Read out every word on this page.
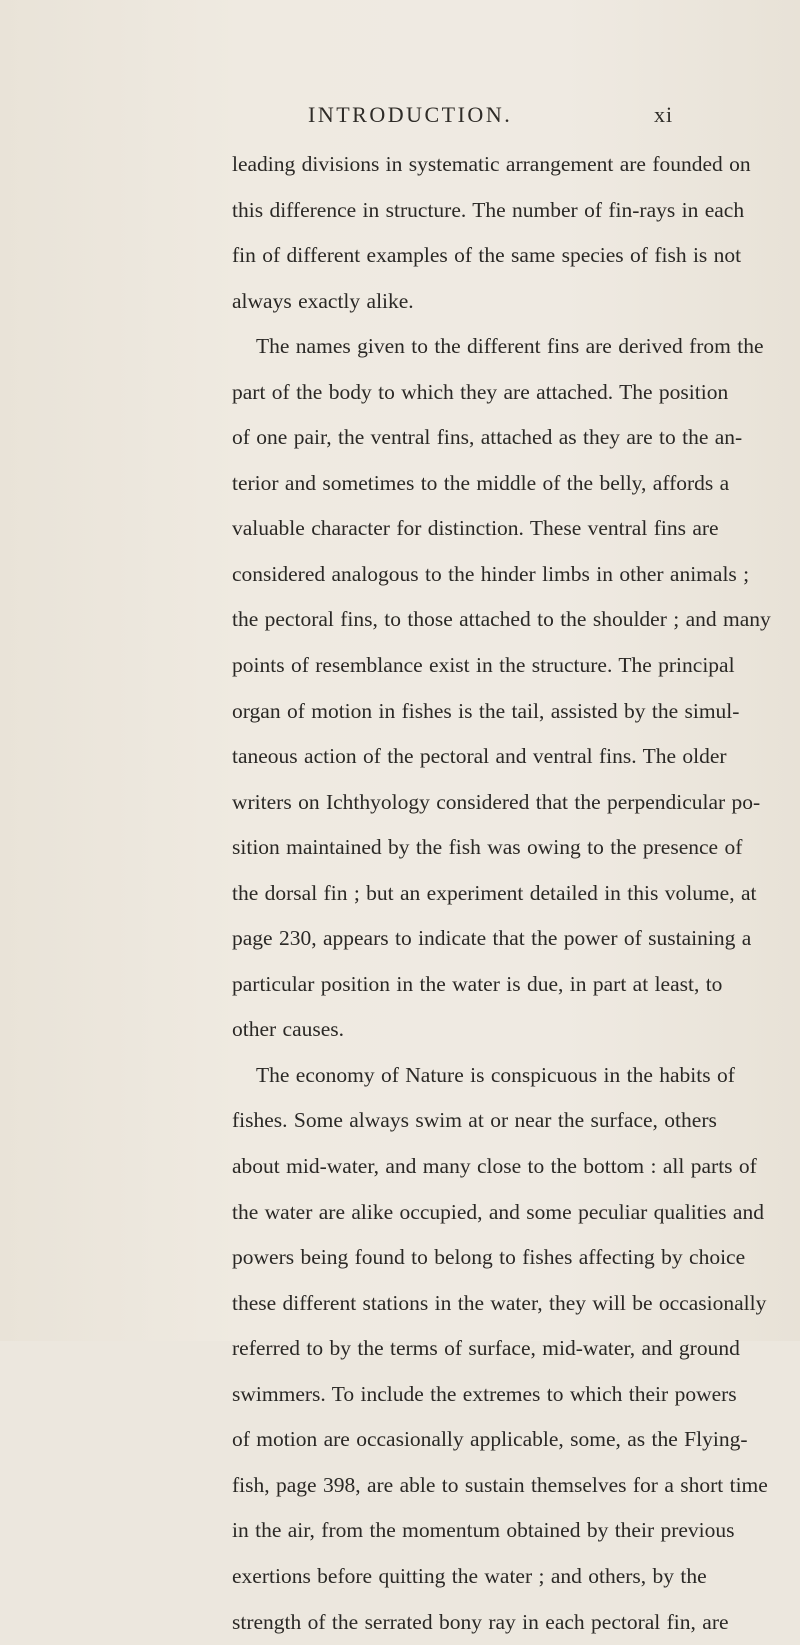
INTRODUCTION.	xi
leading divisions in systematic arrangement are founded on
this difference in structure. The number of fin-rays in each
fin of different examples of the same species of fish is not
always exactly alike.
The names given to the different fins are derived from the
part of the body to which they are attached. The position
of one pair, the ventral fins, attached as they are to the an-
terior and sometimes to the middle of the belly, affords a
valuable character for distinction. These ventral fins are
considered analogous to the hinder limbs in other animals ;
the pectoral fins, to those attached to the shoulder ; and many
points of resemblance exist in the structure. The principal
organ of motion in fishes is the tail, assisted by the simul-
taneous action of the pectoral and ventral fins. The older
writers on Ichthyology considered that the perpendicular po-
sition maintained by the fish was owing to the presence of
the dorsal fin ; but an experiment detailed in this volume, at
page 230, appears to indicate that the power of sustaining a
particular position in the water is due, in part at least, to
other causes.
The economy of Nature is conspicuous in the habits of
fishes. Some always swim at or near the surface, others
about mid-water, and many close to the bottom : all parts of
the water are alike occupied, and some peculiar qualities and
powers being found to belong to fishes affecting by choice
these different stations in the water, they will be occasionally
referred to by the terms of surface, mid-water, and ground
swimmers. To include the extremes to which their powers
of motion are occasionally applicable, some, as the Flying-
fish, page 398, are able to sustain themselves for a short time
in the air, from the momentum obtained by their previous
exertions before quitting the water ; and others, by the
strength of the serrated bony ray in each pectoral fin, are
